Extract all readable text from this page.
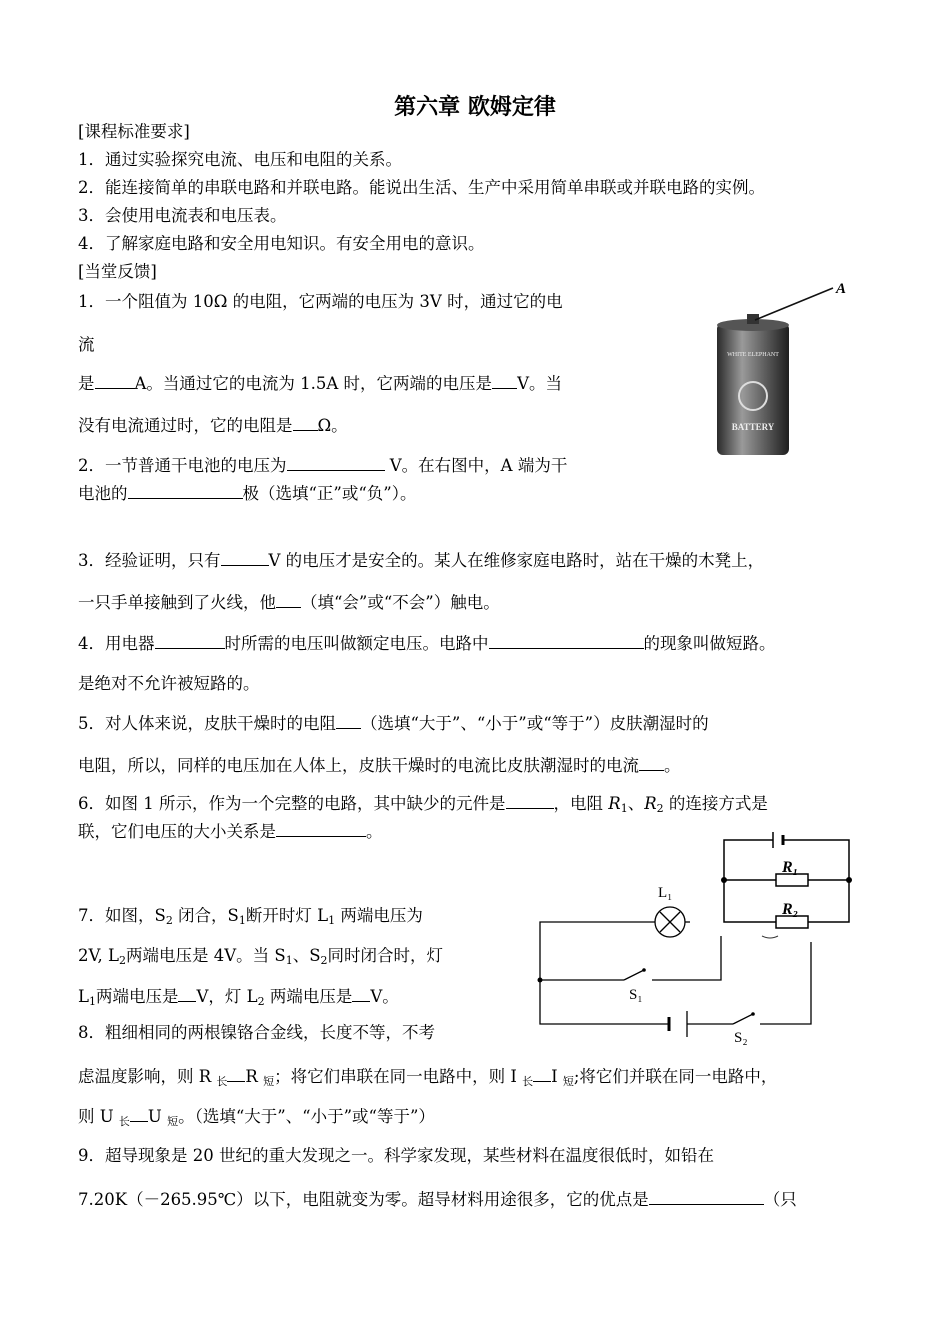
第六章 欧姆定律
[课程标准要求]
1．通过实验探究电流、电压和电阻的关系。
2．能连接简单的串联电路和并联电路。能说出生活、生产中采用简单串联或并联电路的实例。
3．会使用电流表和电压表。
4．了解家庭电路和安全用电知识。有安全用电的意识。
[当堂反馈]
1．一个阻值为 10Ω 的电阻，它两端的电压为 3V 时，通过它的电
流
是 A。当通过它的电流为 1.5A 时，它两端的电压是 V。当
没有电流通过时，它的电阻是 Ω。
2．一节普通干电池的电压为	V。在右图中，A 端为干
电池的	极（选填“正”或“负”）。
3．经验证明，只有	V 的电压才是安全的。某人在维修家庭电路时，站在干燥的木凳上，
一只手单接触到了火线，他 （填“会”或“不会”）触电。
4．用电器	时所需的电压叫做额定电压。电路中	的现象叫做短路。
是绝对不允许被短路的。
5．对人体来说，皮肤干燥时的电阻 （选填“大于”、“小于”或“等于”）皮肤潮湿时的
电阻，所以，同样的电压加在人体上，皮肤干燥时的电流比皮肤潮湿时的电流 。
6．如图 1 所示，作为一个完整的电路，其中缺少的元件是	，电阻 $R_1$、$R_2$ 的连接方式是
联，它们电压的大小关系是	。
7．如图，$S_2$ 闭合，$S_1$断开时灯 $L_1$ 两端电压为
2V, $L_2$两端电压是 4V。当 $S_1$、$S_2$同时闭合时，灯
$L_1$两端电压是 V，灯 $L_2$ 两端电压是 V。
8．粗细相同的两根镍铬合金线，长度不等，不考
虑温度影响，则 R $_长$ R $_短$；将它们串联在同一电路中，则 I $_长$ I $_短$;将它们并联在同一电路中，
则 U $_长$ U $_短$。（选填“大于”、“小于”或“等于”）
9．超导现象是 20 世纪的重大发现之一。科学家发现，某些材料在温度很低时，如铅在
7.20K（－265.95℃）以下，电阻就变为零。超导材料用途很多，它的优点是	（只
A
WHITE ELEPHANT
BATTERY
R₁
R₂
L₁
S₁
S₂
